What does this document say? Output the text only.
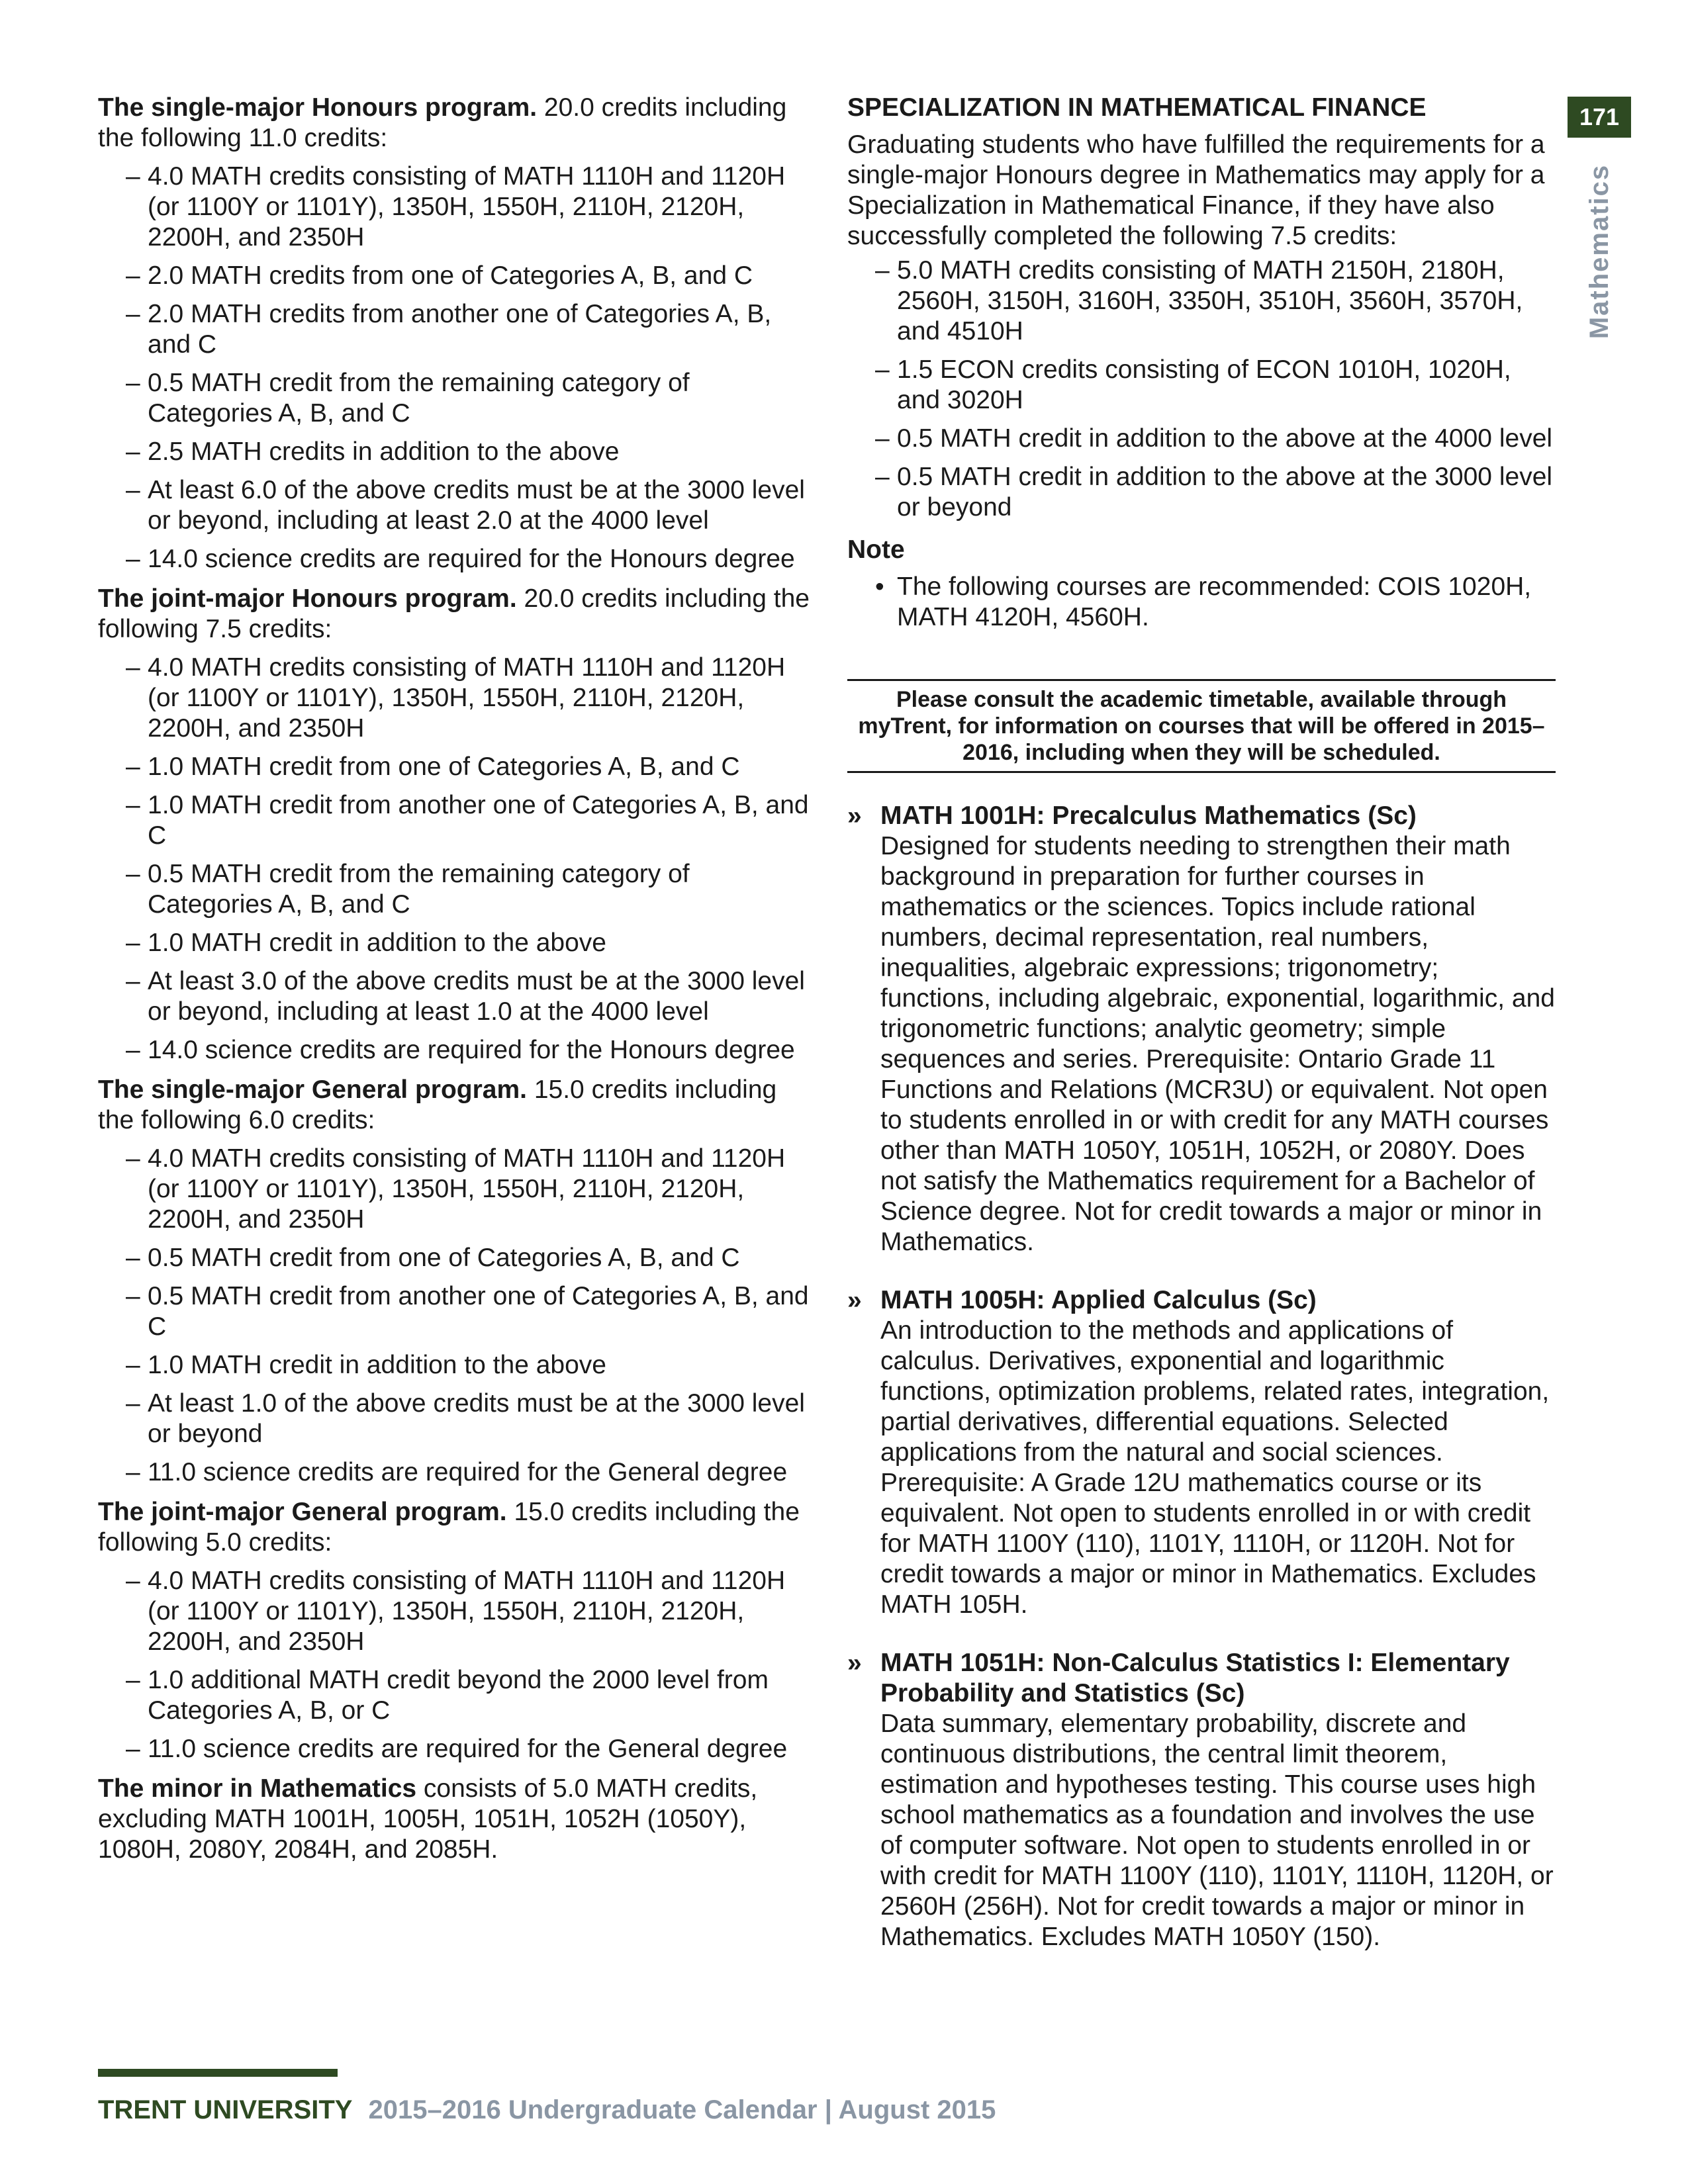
171
Mathematics

The single-major Honours program. 20.0 credits including the following 11.0 credits:

– 4.0 MATH credits consisting of MATH 1110H and 1120H (or 1100Y or 1101Y), 1350H, 1550H, 2110H, 2120H, 2200H, and 2350H
– 2.0 MATH credits from one of Categories A, B, and C
– 2.0 MATH credits from another one of Categories A, B, and C
– 0.5 MATH credit from the remaining category of Categories A, B, and C
– 2.5 MATH credits in addition to the above
– At least 6.0 of the above credits must be at the 3000 level or beyond, including at least 2.0 at the 4000 level
– 14.0 science credits are required for the Honours degree

The joint-major Honours program. 20.0 credits including the following 7.5 credits:

– 4.0 MATH credits consisting of MATH 1110H and 1120H (or 1100Y or 1101Y), 1350H, 1550H, 2110H, 2120H, 2200H, and 2350H
– 1.0 MATH credit from one of Categories A, B, and C
– 1.0 MATH credit from another one of Categories A, B, and C
– 0.5 MATH credit from the remaining category of Categories A, B, and C
– 1.0 MATH credit in addition to the above
– At least 3.0 of the above credits must be at the 3000 level or beyond, including at least 1.0 at the 4000 level
– 14.0 science credits are required for the Honours degree

The single-major General program. 15.0 credits including the following 6.0 credits:

– 4.0 MATH credits consisting of MATH 1110H and 1120H (or 1100Y or 1101Y), 1350H, 1550H, 2110H, 2120H, 2200H, and 2350H
– 0.5 MATH credit from one of Categories A, B, and C
– 0.5 MATH credit from another one of Categories A, B, and C
– 1.0 MATH credit in addition to the above
– At least 1.0 of the above credits must be at the 3000 level or beyond
– 11.0 science credits are required for the General degree

The joint-major General program. 15.0 credits including the following 5.0 credits:

– 4.0 MATH credits consisting of MATH 1110H and 1120H (or 1100Y or 1101Y), 1350H, 1550H, 2110H, 2120H, 2200H, and 2350H
– 1.0 additional MATH credit beyond the 2000 level from Categories A, B, or C
– 11.0 science credits are required for the General degree

The minor in Mathematics consists of 5.0 MATH credits, excluding MATH 1001H, 1005H, 1051H, 1052H (1050Y), 1080H, 2080Y, 2084H, and 2085H.

SPECIALIZATION IN MATHEMATICAL FINANCE

Graduating students who have fulfilled the requirements for a single-major Honours degree in Mathematics may apply for a Specialization in Mathematical Finance, if they have also successfully completed the following 7.5 credits:

– 5.0 MATH credits consisting of MATH 2150H, 2180H, 2560H, 3150H, 3160H, 3350H, 3510H, 3560H, 3570H, and 4510H
– 1.5 ECON credits consisting of ECON 1010H, 1020H, and 3020H
– 0.5 MATH credit in addition to the above at the 4000 level
– 0.5 MATH credit in addition to the above at the 3000 level or beyond
Note
• The following courses are recommended: COIS 1020H, MATH 4120H, 4560H.
Please consult the academic timetable, available through myTrent, for information on courses that will be offered in 2015–2016, including when they will be scheduled.
» MATH 1001H: Precalculus Mathematics (Sc)
Designed for students needing to strengthen their math background in preparation for further courses in mathematics or the sciences. Topics include rational numbers, decimal representation, real numbers, inequalities, algebraic expressions; trigonometry; functions, including algebraic, exponential, logarithmic, and trigonometric functions; analytic geometry; simple sequences and series. Prerequisite: Ontario Grade 11 Functions and Relations (MCR3U) or equivalent. Not open to students enrolled in or with credit for any MATH courses other than MATH 1050Y, 1051H, 1052H, or 2080Y. Does not satisfy the Mathematics requirement for a Bachelor of Science degree. Not for credit towards a major or minor in Mathematics.
» MATH 1005H: Applied Calculus (Sc)
An introduction to the methods and applications of calculus. Derivatives, exponential and logarithmic functions, optimization problems, related rates, integration, partial derivatives, differential equations. Selected applications from the natural and social sciences. Prerequisite: A Grade 12U mathematics course or its equivalent. Not open to students enrolled in or with credit for MATH 1100Y (110), 1101Y, 1110H, or 1120H. Not for credit towards a major or minor in Mathematics. Excludes MATH 105H.
» MATH 1051H: Non-Calculus Statistics I: Elementary Probability and Statistics (Sc)
Data summary, elementary probability, discrete and continuous distributions, the central limit theorem, estimation and hypotheses testing. This course uses high school mathematics as a foundation and involves the use of computer software. Not open to students enrolled in or with credit for MATH 1100Y (110), 1101Y, 1110H, 1120H, or 2560H (256H). Not for credit towards a major or minor in Mathematics. Excludes MATH 1050Y (150).
TRENT UNIVERSITY 2015–2016 Undergraduate Calendar | August 2015
